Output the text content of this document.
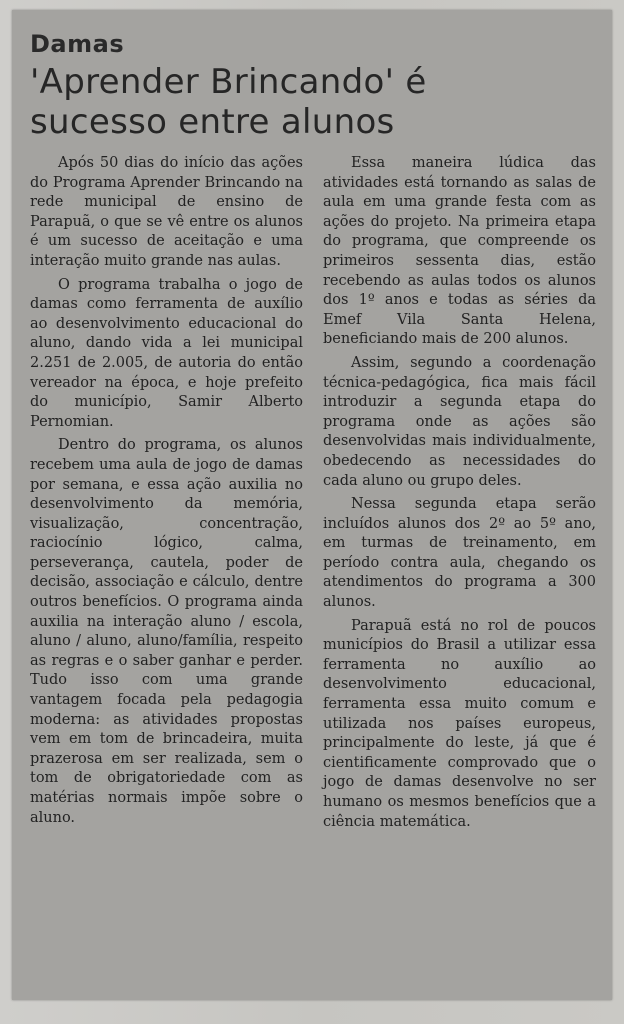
Damas
'Aprender Brincando' é sucesso entre alunos

Após 50 dias do início das ações do Programa Aprender Brincando na rede municipal de ensino de Parapuã, o que se vê entre os alunos é um sucesso de aceitação e uma interação muito grande nas aulas.

O programa trabalha o jogo de damas como ferramenta de auxílio ao desenvolvimento educacional do aluno, dando vida a lei municipal 2.251 de 2.005, de autoria do então vereador na época, e hoje prefeito do município, Samir Alberto Pernomian.

Dentro do programa, os alunos recebem uma aula de jogo de damas por semana, e essa ação auxilia no desenvolvimento da memória, visualização, concentração, raciocínio lógico, calma, perseverança, cautela, poder de decisão, associação e cálculo, dentre outros benefícios. O programa ainda auxilia na interação aluno / escola, aluno / aluno, aluno/família, respeito as regras e o saber ganhar e perder. Tudo isso com uma grande vantagem focada pela pedagogia moderna: as atividades propostas vem em tom de brincadeira, muita prazerosa em ser realizada, sem o tom de obrigatoriedade com as matérias normais impõe sobre o aluno.

Essa maneira lúdica das atividades está tornando as salas de aula em uma grande festa com as ações do projeto. Na primeira etapa do programa, que compreende os primeiros sessenta dias, estão recebendo as aulas todos os alunos dos 1º anos e todas as séries da Emef Vila Santa Helena, beneficiando mais de 200 alunos.

Assim, segundo a coordenação técnica-pedagógica, fica mais fácil introduzir a segunda etapa do programa onde as ações são desenvolvidas mais individualmente, obedecendo as necessidades do cada aluno ou grupo deles.

Nessa segunda etapa serão incluídos alunos dos 2º ao 5º ano, em turmas de treinamento, em período contra aula, chegando os atendimentos do programa a 300 alunos.

Parapuã está no rol de poucos municípios do Brasil a utilizar essa ferramenta no auxílio ao desenvolvimento educacional, ferramenta essa muito comum e utilizada nos países europeus, principalmente do leste, já que é cientificamente comprovado que o jogo de damas desenvolve no ser humano os mesmos benefícios que a ciência matemática.
